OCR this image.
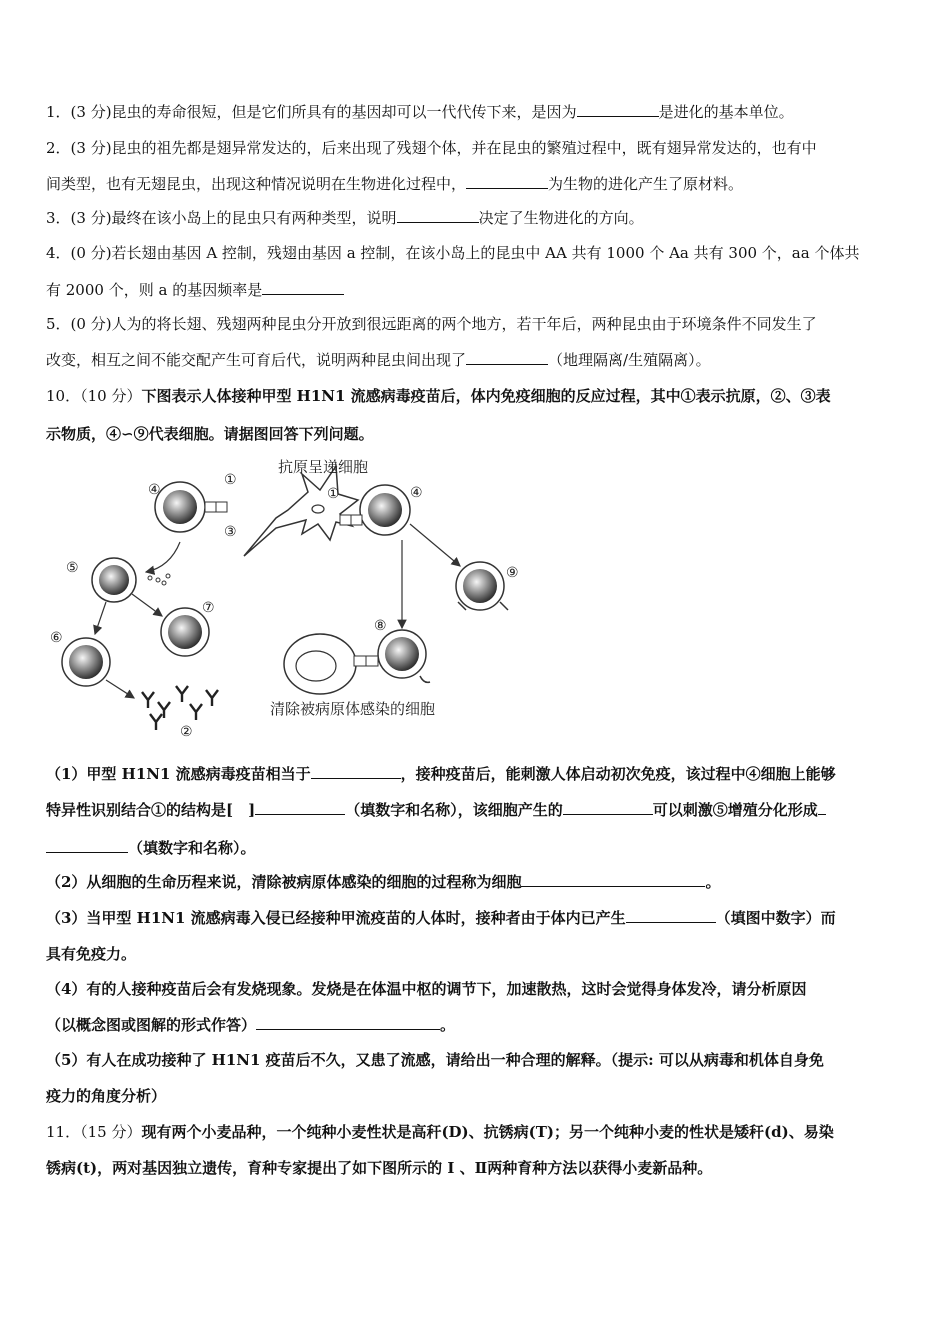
1．(3 分)昆虫的寿命很短，但是它们所具有的基因却可以一代代传下来，是因为	是进化的基本单位。
2．(3 分)昆虫的祖先都是翅异常发达的，后来出现了残翅个体，并在昆虫的繁殖过程中，既有翅异常发达的，也有中
间类型，也有无翅昆虫，出现这种情况说明在生物进化过程中，	为生物的进化产生了原材料。
3．(3 分)最终在该小岛上的昆虫只有两种类型，说明	决定了生物进化的方向。
4．(0 分)若长翅由基因 A 控制，残翅由基因 a 控制，在该小岛上的昆虫中 AA 共有 1000 个 Aa 共有 300 个，aa 个体共
有 2000 个，则 a 的基因频率是
5．(0 分)人为的将长翅、残翅两种昆虫分开放到很远距离的两个地方，若干年后，两种昆虫由于环境条件不同发生了
改变，相互之间不能交配产生可育后代，说明两种昆虫间出现了	（地理隔离/生殖隔离）。
10．（10 分）下图表示人体接种甲型 H1N1 流感病毒疫苗后，体内免疫细胞的反应过程，其中①表示抗原，②、③表
示物质，④∽⑨代表细胞。请据图回答下列问题。
抗原呈递细胞
④
①
③
④
①
⑤
⑦
⑥
②
⑨
⑧
清除被病原体感染的细胞
（1）甲型 H1N1 流感病毒疫苗相当于	，接种疫苗后，能刺激人体启动初次免疫，该过程中④细胞上能够
特异性识别结合①的结构是[　]	（填数字和名称），该细胞产生的	可以刺激⑤增殖分化形成
（填数字和名称）。
（2）从细胞的生命历程来说，清除被病原体感染的细胞的过程称为细胞	。
（3）当甲型 H1N1 流感病毒入侵已经接种甲流疫苗的人体时，接种者由于体内已产生	（填图中数字）而
具有免疫力。
（4）有的人接种疫苗后会有发烧现象。发烧是在体温中枢的调节下，加速散热，这时会觉得身体发冷，请分析原因
（以概念图或图解的形式作答）	。
（5）有人在成功接种了 H1N1 疫苗后不久，又患了流感，请给出一种合理的解释。（提示: 可以从病毒和机体自身免
疫力的角度分析）
11．（15 分）现有两个小麦品种，一个纯种小麦性状是高秆(D)、抗锈病(T)；另一个纯种小麦的性状是矮秆(d)、易染
锈病(t)，两对基因独立遗传，育种专家提出了如下图所示的 Ⅰ 、Ⅱ两种育种方法以获得小麦新品种。
